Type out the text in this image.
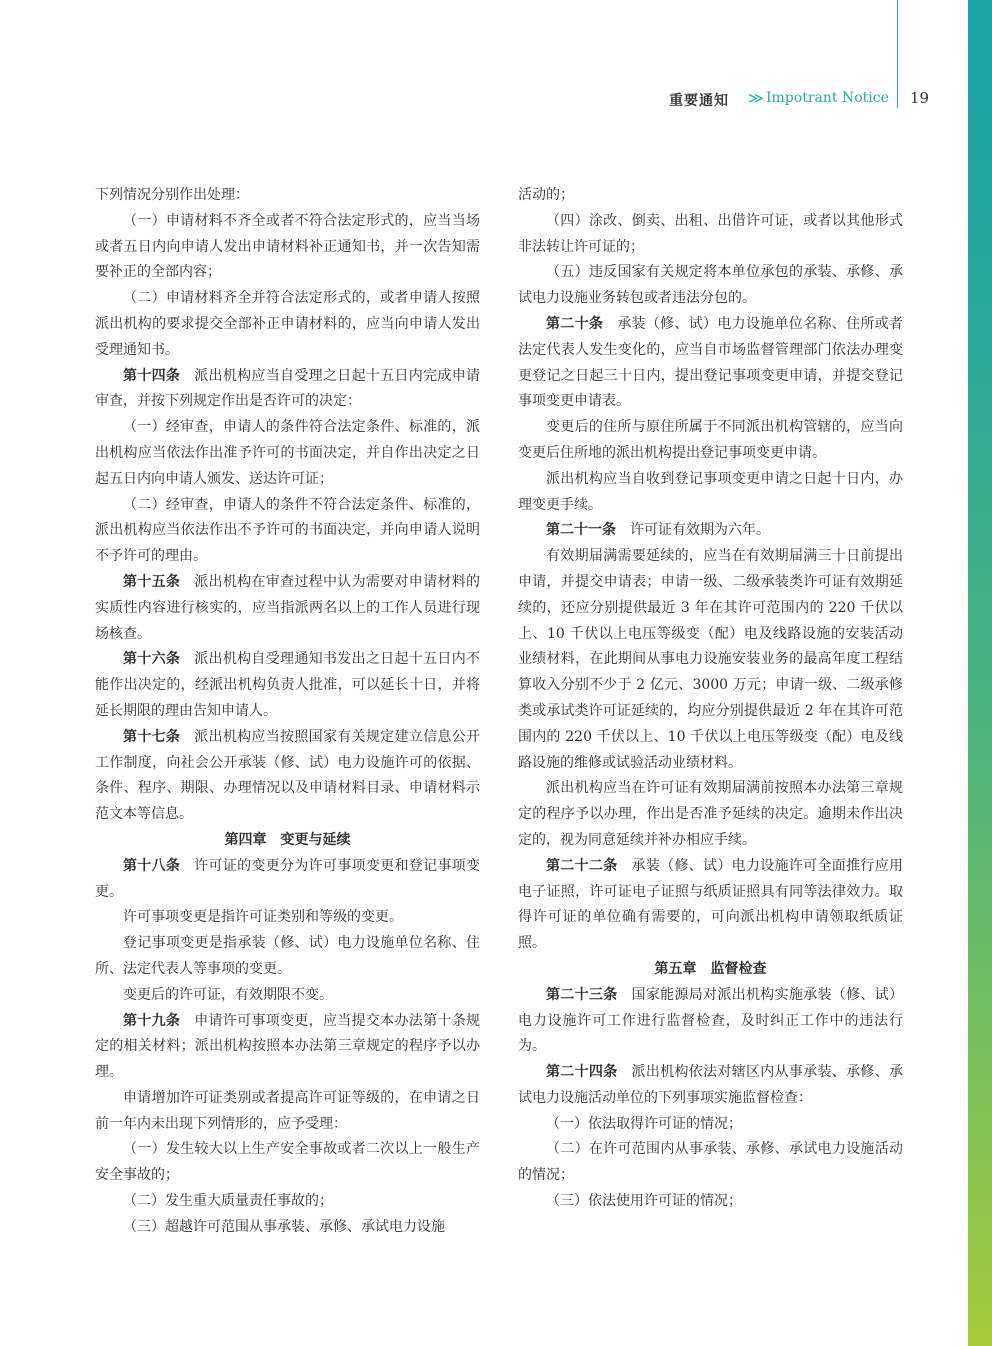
重要通知 ≫ Impotrant Notice 19

下列情况分别作出处理：

（一）申请材料不齐全或者不符合法定形式的，应当当场或者五日内向申请人发出申请材料补正通知书，并一次告知需要补正的全部内容；

（二）申请材料齐全并符合法定形式的，或者申请人按照派出机构的要求提交全部补正申请材料的，应当向申请人发出受理通知书。

第十四条 派出机构应当自受理之日起十五日内完成申请审查，并按下列规定作出是否许可的决定：

（一）经审查，申请人的条件符合法定条件、标准的，派出机构应当依法作出准予许可的书面决定，并自作出决定之日起五日内向申请人颁发、送达许可证；

（二）经审查，申请人的条件不符合法定条件、标准的，派出机构应当依法作出不予许可的书面决定，并向申请人说明不予许可的理由。

第十五条 派出机构在审查过程中认为需要对申请材料的实质性内容进行核实的，应当指派两名以上的工作人员进行现场核查。

第十六条 派出机构自受理通知书发出之日起十五日内不能作出决定的，经派出机构负责人批准，可以延长十日，并将延长期限的理由告知申请人。

第十七条 派出机构应当按照国家有关规定建立信息公开工作制度，向社会公开承装（修、试）电力设施许可的依据、条件、程序、期限、办理情况以及申请材料目录、申请材料示范文本等信息。

第四章　变更与延续

第十八条 许可证的变更分为许可事项变更和登记事项变更。

许可事项变更是指许可证类别和等级的变更。

登记事项变更是指承装（修、试）电力设施单位名称、住所、法定代表人等事项的变更。

变更后的许可证，有效期限不变。

第十九条 申请许可事项变更，应当提交本办法第十条规定的相关材料；派出机构按照本办法第三章规定的程序予以办理。

申请增加许可证类别或者提高许可证等级的，在申请之日前一年内未出现下列情形的，应予受理：

（一）发生较大以上生产安全事故或者二次以上一般生产安全事故的；

（二）发生重大质量责任事故的；

（三）超越许可范围从事承装、承修、承试电力设施

活动的；

（四）涂改、倒卖、出租、出借许可证，或者以其他形式非法转让许可证的；

（五）违反国家有关规定将本单位承包的承装、承修、承试电力设施业务转包或者违法分包的。

第二十条 承装（修、试）电力设施单位名称、住所或者法定代表人发生变化的，应当自市场监督管理部门依法办理变更登记之日起三十日内，提出登记事项变更申请，并提交登记事项变更申请表。

变更后的住所与原住所属于不同派出机构管辖的，应当向变更后住所地的派出机构提出登记事项变更申请。

派出机构应当自收到登记事项变更申请之日起十日内，办理变更手续。

第二十一条 许可证有效期为六年。

有效期届满需要延续的，应当在有效期届满三十日前提出申请，并提交申请表；申请一级、二级承装类许可证有效期延续的，还应分别提供最近 3 年在其许可范围内的 220 千伏以上、10 千伏以上电压等级变（配）电及线路设施的安装活动业绩材料，在此期间从事电力设施安装业务的最高年度工程结算收入分别不少于 2 亿元、3000 万元；申请一级、二级承修类或承试类许可证延续的，均应分别提供最近 2 年在其许可范围内的 220 千伏以上、10 千伏以上电压等级变（配）电及线路设施的维修或试验活动业绩材料。

派出机构应当在许可证有效期届满前按照本办法第三章规定的程序予以办理，作出是否准予延续的决定。逾期未作出决定的，视为同意延续并补办相应手续。

第二十二条 承装（修、试）电力设施许可全面推行应用电子证照，许可证电子证照与纸质证照具有同等法律效力。取得许可证的单位确有需要的，可向派出机构申请领取纸质证照。

第五章　监督检查

第二十三条 国家能源局对派出机构实施承装（修、试）电力设施许可工作进行监督检查，及时纠正工作中的违法行为。

第二十四条 派出机构依法对辖区内从事承装、承修、承试电力设施活动单位的下列事项实施监督检查：

（一）依法取得许可证的情况；

（二）在许可范围内从事承装、承修、承试电力设施活动的情况；

（三）依法使用许可证的情况；
